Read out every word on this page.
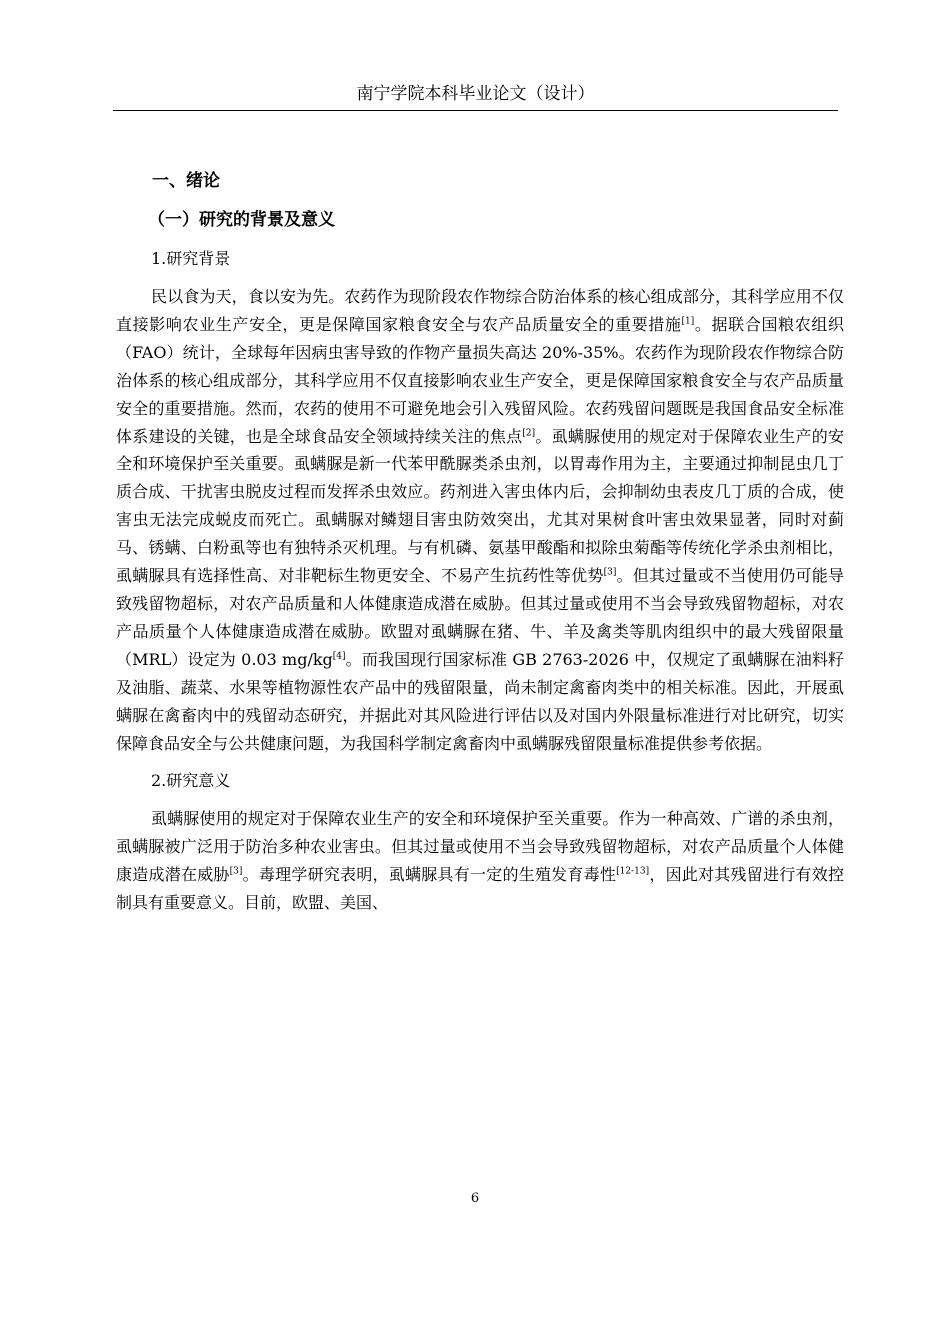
南宁学院本科毕业论文（设计）
一、绪论
（一）研究的背景及意义
1.研究背景

民以食为天，食以安为先。农药作为现阶段农作物综合防治体系的核心组成部分，其科学应用不仅直接影响农业生产安全，更是保障国家粮食安全与农产品质量安全的重要措施[1]。据联合国粮农组织（FAO）统计，全球每年因病虫害导致的作物产量损失高达 20%-35%。农药作为现阶段农作物综合防治体系的核心组成部分，其科学应用不仅直接影响农业生产安全，更是保障国家粮食安全与农产品质量安全的重要措施。然而，农药的使用不可避免地会引入残留风险。农药残留问题既是我国食品安全标准体系建设的关键，也是全球食品安全领域持续关注的焦点[2]。虱螨脲使用的规定对于保障农业生产的安全和环境保护至关重要。虱螨脲是新一代苯甲酰脲类杀虫剂，以胃毒作用为主，主要通过抑制昆虫几丁质合成、干扰害虫脱皮过程而发挥杀虫效应。药剂进入害虫体内后，会抑制幼虫表皮几丁质的合成，使害虫无法完成蜕皮而死亡。虱螨脲对鳞翅目害虫防效突出，尤其对果树食叶害虫效果显著，同时对蓟马、锈螨、白粉虱等也有独特杀灭机理。与有机磷、氨基甲酸酯和拟除虫菊酯等传统化学杀虫剂相比，虱螨脲具有选择性高、对非靶标生物更安全、不易产生抗药性等优势[3]。但其过量或不当使用仍可能导致残留物超标，对农产品质量和人体健康造成潜在威胁。但其过量或使用不当会导致残留物超标，对农产品质量个人体健康造成潜在威胁。欧盟对虱螨脲在猪、牛、羊及禽类等肌肉组织中的最大残留限量（MRL）设定为 0.03 mg/kg[4]。而我国现行国家标准 GB 2763-2026 中，仅规定了虱螨脲在油料籽及油脂、蔬菜、水果等植物源性农产品中的残留限量，尚未制定禽畜肉类中的相关标准。因此，开展虱螨脲在禽畜肉中的残留动态研究，并据此对其风险进行评估以及对国内外限量标准进行对比研究，切实保障食品安全与公共健康问题，为我国科学制定禽畜肉中虱螨脲残留限量标准提供参考依据。

2.研究意义

虱螨脲使用的规定对于保障农业生产的安全和环境保护至关重要。作为一种高效、广谱的杀虫剂，虱螨脲被广泛用于防治多种农业害虫。但其过量或使用不当会导致残留物超标，对农产品质量个人体健康造成潜在威胁[3]。毒理学研究表明，虱螨脲具有一定的生殖发育毒性[12-13]，因此对其残留进行有效控制具有重要意义。目前，欧盟、美国、

6
